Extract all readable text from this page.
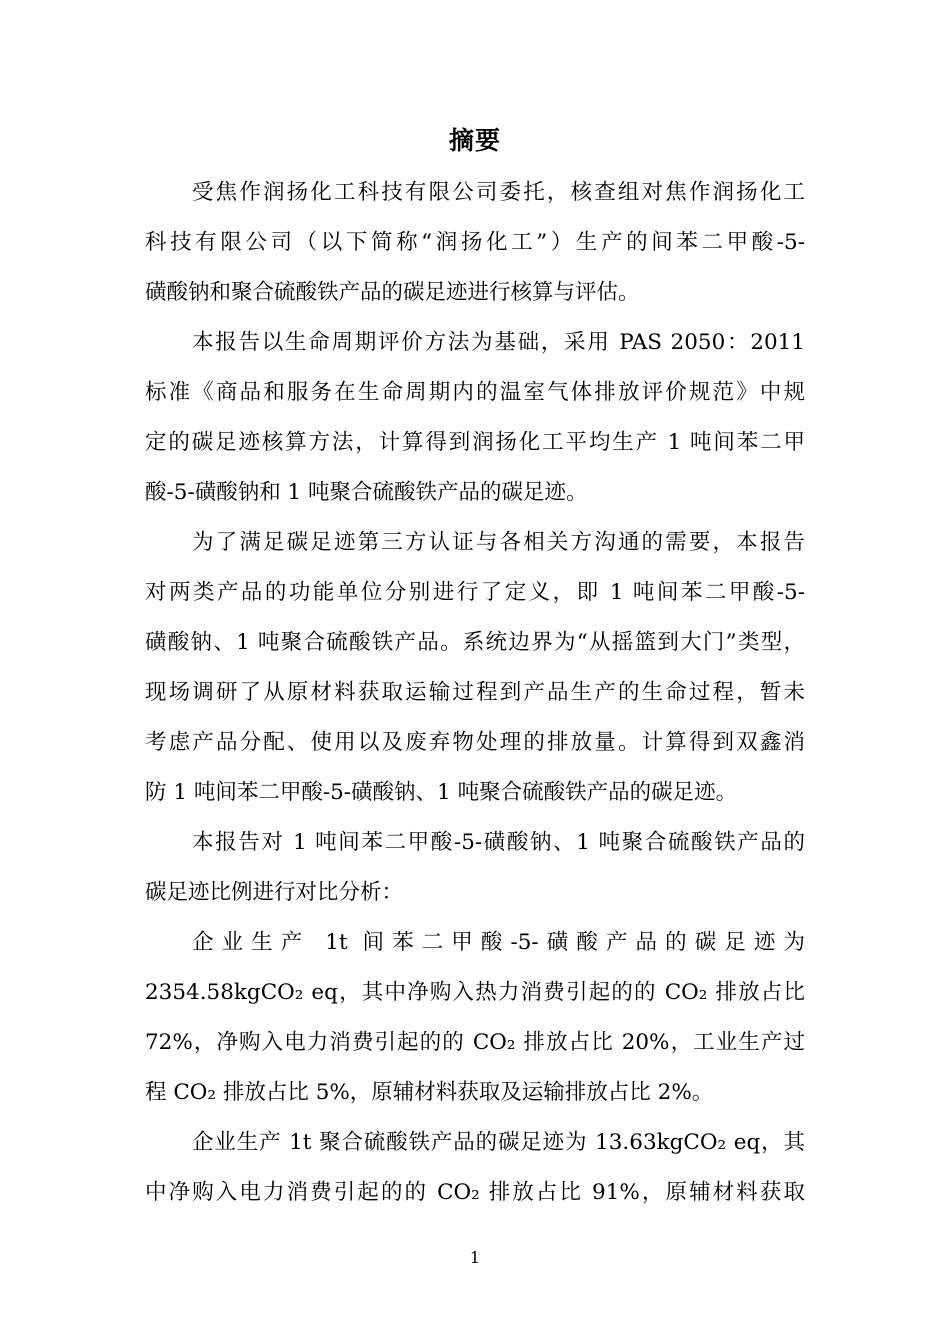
摘要
受焦作润扬化工科技有限公司委托，核查组对焦作润扬化工
科技有限公司（以下简称“润扬化工”）生产的间苯二甲酸-5-
磺酸钠和聚合硫酸铁产品的碳足迹进行核算与评估。
本报告以生命周期评价方法为基础，采用 PAS 2050：2011
标准《商品和服务在生命周期内的温室气体排放评价规范》中规
定的碳足迹核算方法，计算得到润扬化工平均生产 1 吨间苯二甲
酸-5-磺酸钠和 1 吨聚合硫酸铁产品的碳足迹。
为了满足碳足迹第三方认证与各相关方沟通的需要，本报告
对两类产品的功能单位分别进行了定义，即 1 吨间苯二甲酸-5-
磺酸钠、1 吨聚合硫酸铁产品。系统边界为“从摇篮到大门”类型，
现场调研了从原材料获取运输过程到产品生产的生命过程，暂未
考虑产品分配、使用以及废弃物处理的排放量。计算得到双鑫消
防 1 吨间苯二甲酸-5-磺酸钠、1 吨聚合硫酸铁产品的碳足迹。
本报告对 1 吨间苯二甲酸-5-磺酸钠、1 吨聚合硫酸铁产品的
碳足迹比例进行对比分析：
企业生产 1t 间苯二甲酸-5-磺酸产品的碳足迹为
2354.58kgCO₂ eq，其中净购入热力消费引起的的 CO₂ 排放占比
72%，净购入电力消费引起的的 CO₂ 排放占比 20%，工业生产过
程 CO₂ 排放占比 5%，原辅材料获取及运输排放占比 2%。
企业生产 1t 聚合硫酸铁产品的碳足迹为 13.63kgCO₂ eq，其
中净购入电力消费引起的的 CO₂ 排放占比 91%，原辅材料获取
1
